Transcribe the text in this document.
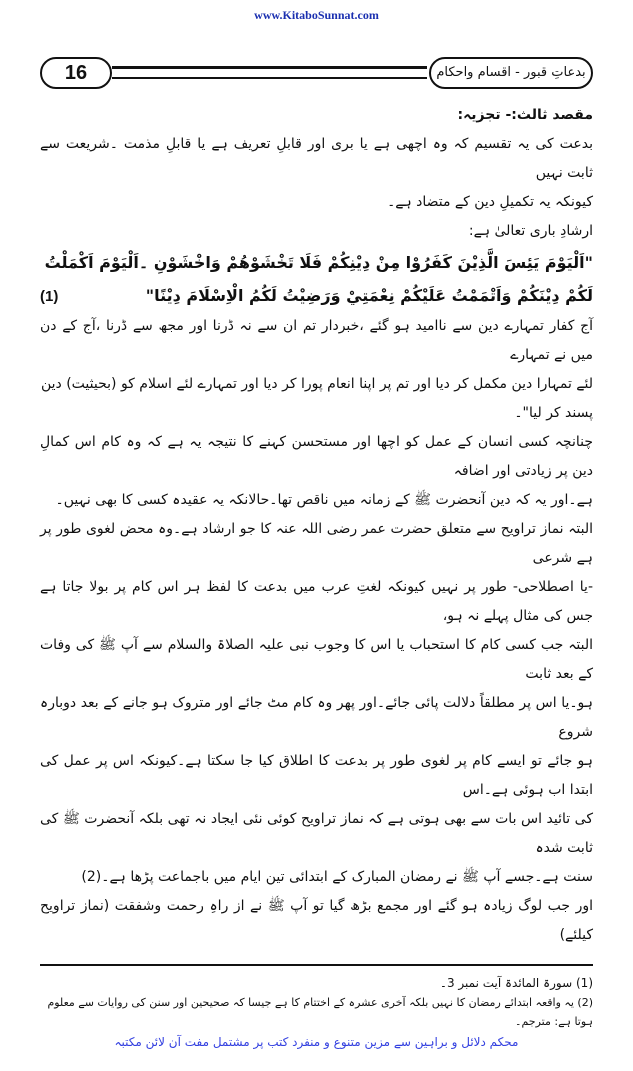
www.KitaboSunnat.com
16	بدعاتِ قبور - اقسام واحکام
مقصد ثالث:- تجزیہ:
بدعت کی یہ تقسیم کہ وہ اچھی ہے یا بری اور قابلِ تعریف ہے یا قابلِ مذمت ۔شریعت سے ثابت نہیں
کیونکہ یہ تکمیلِ دین کے متضاد ہے۔
ارشادِ باری تعالیٰ ہے:
"اَلْيَوْمَ يَئِسَ الَّذِيْنَ كَفَرُوْا مِنْ دِيْنِكُمْ فَلَا تَخْشَوْهُمْ وَاخْشَوْنِ ۔اَلْيَوْمَ اَكْمَلْتُ
(1)	لَكُمْ دِيْنَكُمْ وَاَتْمَمْتُ عَلَيْكُمْ نِعْمَتِيْ وَرَضِيْتُ لَكُمُ الْاِسْلَامَ دِيْنًا"
آج کفار تمہارے دین سے ناامید ہو گئے ،خبردار تم ان سے نہ ڈرنا اور مجھ سے ڈرنا ،آج کے دن میں نے تمہارے
لئے تمہارا دین مکمل کر دیا اور تم پر اپنا انعام پورا کر دیا اور تمہارے لئے اسلام کو (بحیثیت) دین پسند کر لیا"۔
چنانچہ کسی انسان کے عمل کو اچھا اور مستحسن کہنے کا نتیجہ یہ ہے کہ وہ کام اس کمالِ دین پر زیادتی اور اضافہ
ہے۔اور یہ کہ دین آنحضرت ﷺ کے زمانہ میں ناقص تھا۔حالانکہ یہ عقیدہ کسی کا بھی نہیں۔
البتہ نماز تراویح سے متعلق حضرت عمر رضی اللہ عنہ کا جو ارشاد ہے۔وہ محض لغوی طور پر ہے شرعی
-یا اصطلاحی- طور پر نہیں کیونکہ لغتِ عرب میں بدعت کا لفظ ہر اس کام پر بولا جاتا ہے جس کی مثال پہلے نہ ہو،
البتہ جب کسی کام کا استحباب یا اس کا وجوب نبی علیہ الصلاۃ والسلام سے آپ ﷺ کی وفات کے بعد ثابت
ہو۔یا اس پر مطلقاً دلالت پائی جائے۔اور پھر وہ کام مٹ جائے اور متروک ہو جانے کے بعد دوبارہ شروع
ہو جائے تو ایسے کام پر لغوی طور پر بدعت کا اطلاق کیا جا سکتا ہے۔کیونکہ اس پر عمل کی ابتدا اب ہوئی ہے۔اس
کی تائید اس بات سے بھی ہوتی ہے کہ نماز تراویح کوئی نئی ایجاد نہ تھی بلکہ آنحضرت ﷺ کی ثابت شدہ
سنت ہے۔جسے آپ ﷺ نے رمضان المبارک کے ابتدائی تین ایام میں باجماعت پڑھا ہے۔(2)
اور جب لوگ زیادہ ہو گئے اور مجمع بڑھ گیا تو آپ ﷺ نے از راہِ رحمت وشفقت (نماز تراویح کیلئے)
(1) سورۃ المائدۃ آیت نمبر 3۔
(2) یہ واقعہ ابتدائے رمضان کا نہیں بلکہ آخری عشرہ کے اختتام کا ہے جیسا کہ صحیحین اور سنن کی روایات سے معلوم ہوتا ہے: مترجم۔
محکم دلائل و براہین سے مزین متنوع و منفرد کتب پر مشتمل مفت آن لائن مکتبہ
